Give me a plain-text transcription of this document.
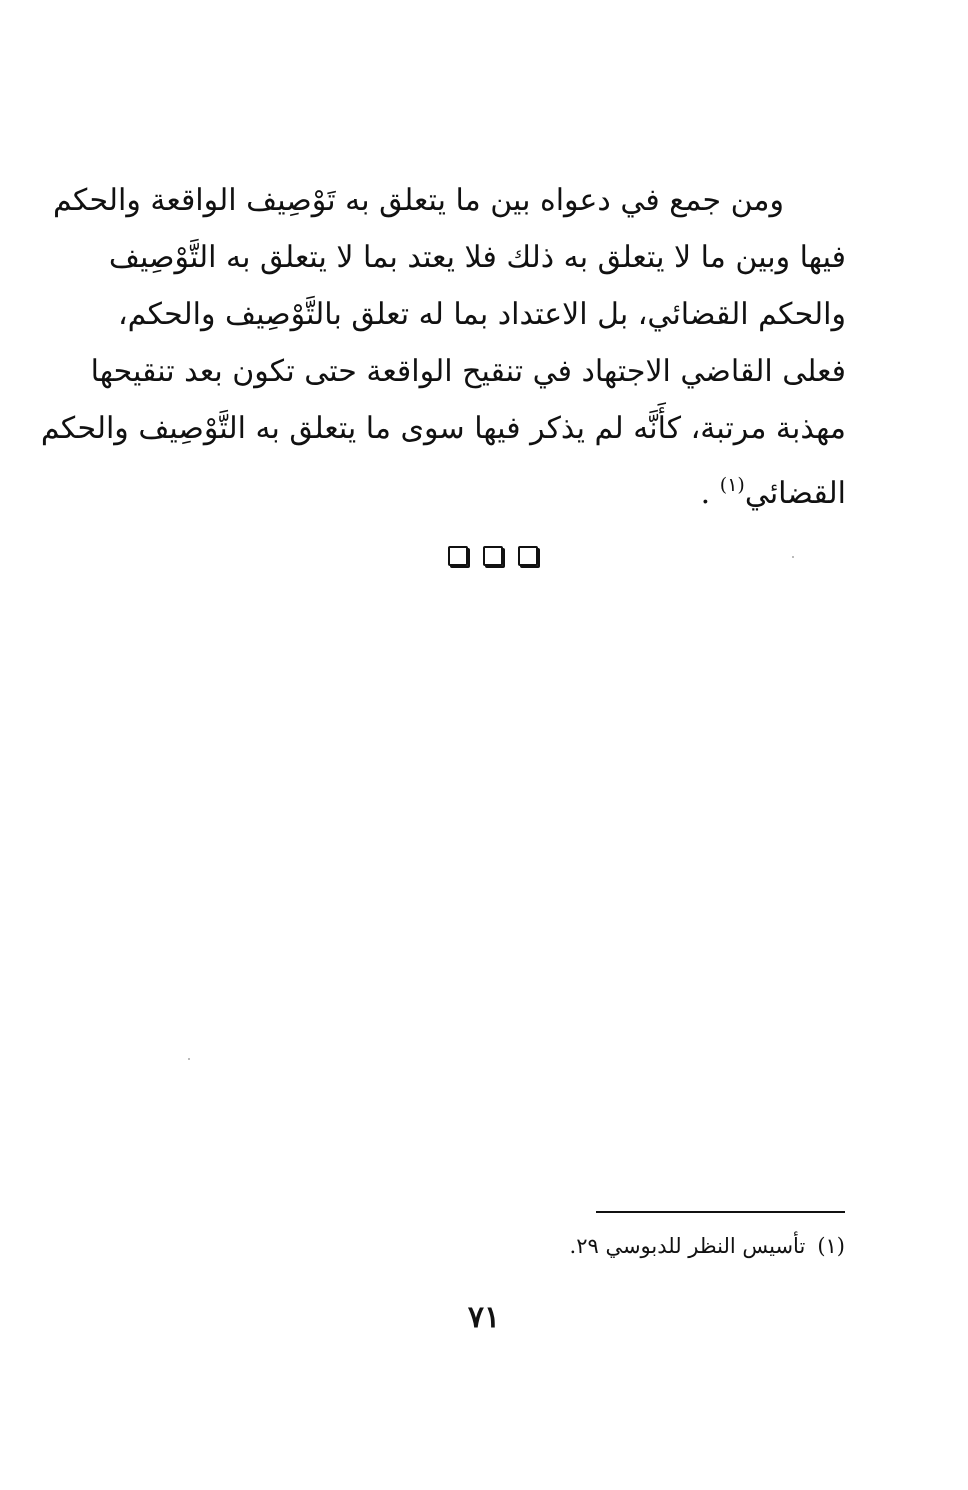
ومن جمع في دعواه بين ما يتعلق به تَوْصِيف الواقعة والحكم
فيها وبين ما لا يتعلق به ذلك فلا يعتد بما لا يتعلق به التَّوْصِيف
والحكم القضائي، بل الاعتداد بما له تعلق بالتَّوْصِيف والحكم،
فعلى القاضي الاجتهاد في تنقيح الواقعة حتى تكون بعد تنقيحها
مهذبة مرتبة، كأَنَّه لم يذكر فيها سوى ما يتعلق به التَّوْصِيف والحكم
القضائي$^{(١)}$ .
(١)تأسيس النظر للدبوسي ٢٩.
٧١
